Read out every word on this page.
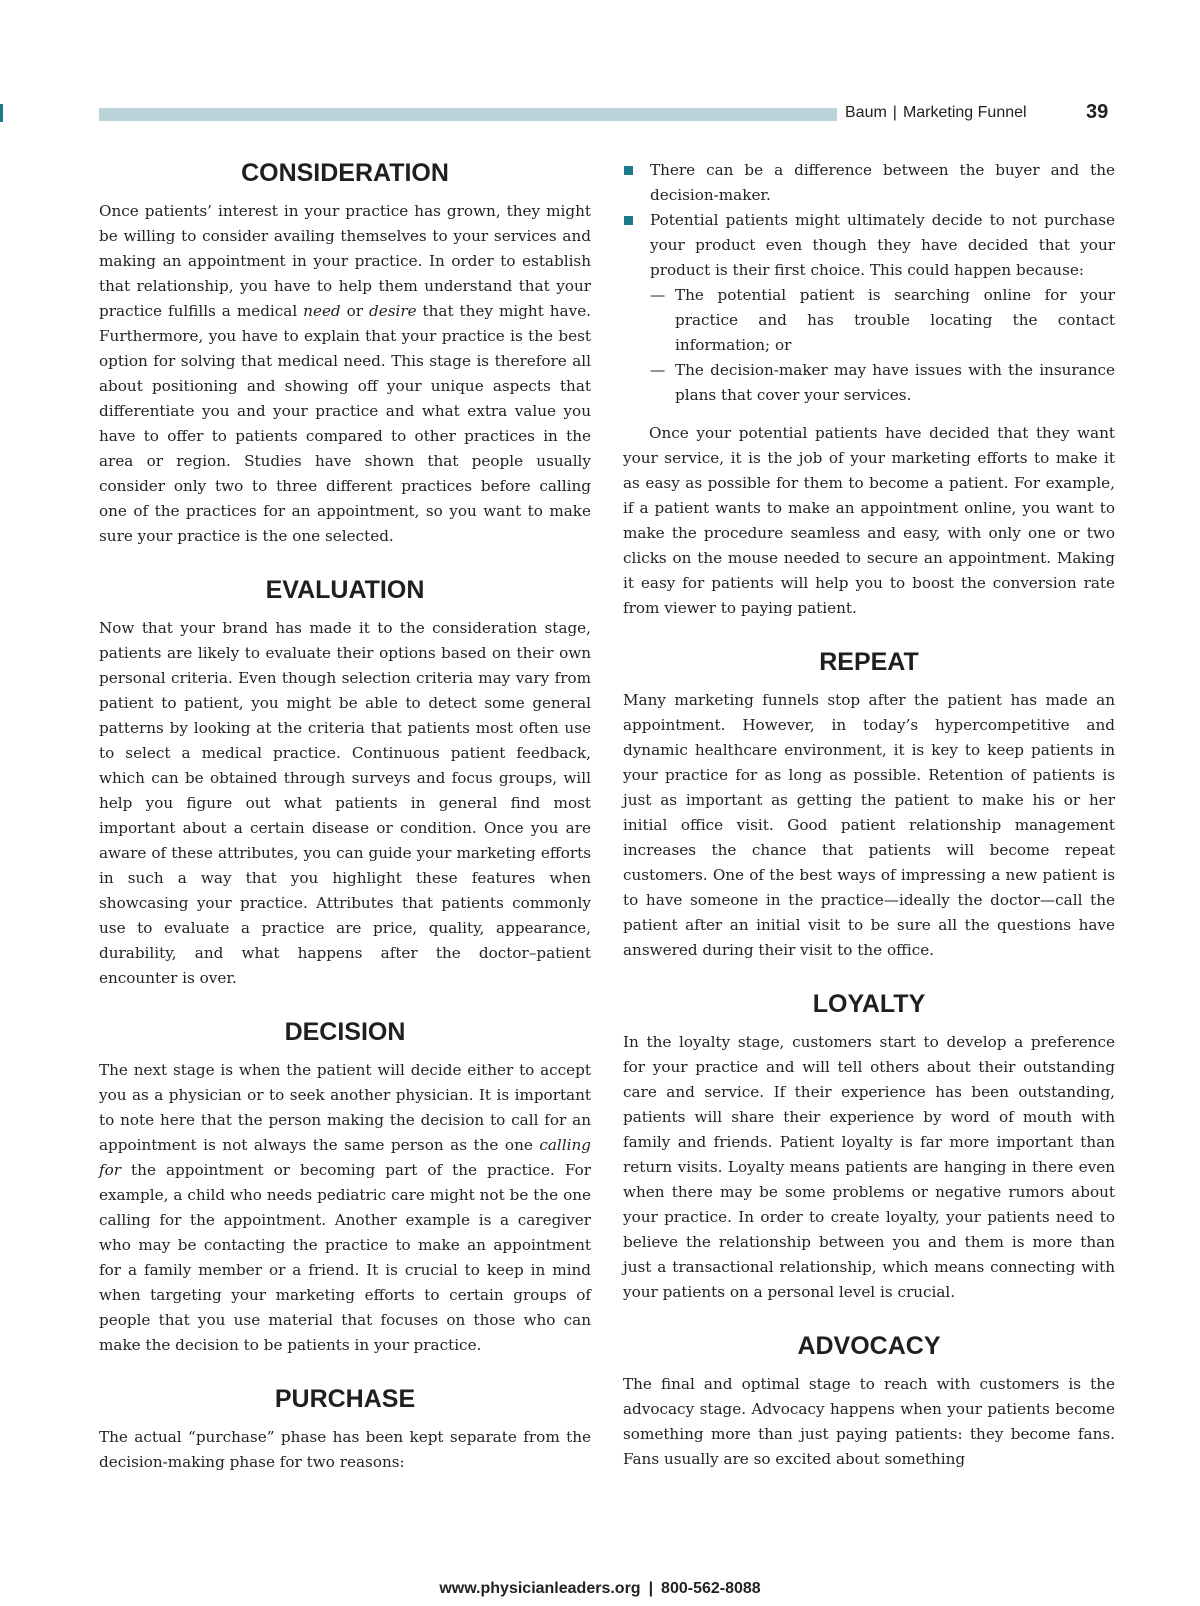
Baum | Marketing Funnel	39
CONSIDERATION

Once patients’ interest in your practice has grown, they might be willing to consider availing themselves to your services and making an appointment in your practice. In order to establish that relationship, you have to help them understand that your practice fulfills a medical need or desire that they might have. Furthermore, you have to explain that your practice is the best option for solving that medical need. This stage is therefore all about positioning and showing off your unique aspects that differentiate you and your practice and what extra value you have to offer to patients compared to other practices in the area or region. Studies have shown that people usually consider only two to three different practices before calling one of the practices for an appointment, so you want to make sure your practice is the one selected.

EVALUATION

Now that your brand has made it to the consideration stage, patients are likely to evaluate their options based on their own personal criteria. Even though selection criteria may vary from patient to patient, you might be able to detect some general patterns by looking at the criteria that patients most often use to select a medical practice. Continuous patient feedback, which can be obtained through surveys and focus groups, will help you figure out what patients in general find most important about a certain disease or condition. Once you are aware of these attributes, you can guide your marketing efforts in such a way that you highlight these features when showcasing your practice. Attributes that patients commonly use to evaluate a practice are price, quality, appearance, durability, and what happens after the doctor–patient encounter is over.

DECISION

The next stage is when the patient will decide either to accept you as a physician or to seek another physician. It is important to note here that the person making the decision to call for an appointment is not always the same person as the one calling for the appointment or becoming part of the practice. For example, a child who needs pediatric care might not be the one calling for the appointment. Another example is a caregiver who may be contacting the practice to make an appointment for a family member or a friend. It is crucial to keep in mind when targeting your marketing efforts to certain groups of people that you use material that focuses on those who can make the decision to be patients in your practice.

PURCHASE

The actual “purchase” phase has been kept separate from the decision-making phase for two reasons:

There can be a difference between the buyer and the decision-maker.
Potential patients might ultimately decide to not purchase your product even though they have decided that your product is their first choice. This could happen because:
— The potential patient is searching online for your practice and has trouble locating the contact information; or
— The decision-maker may have issues with the insurance plans that cover your services.

Once your potential patients have decided that they want your service, it is the job of your marketing efforts to make it as easy as possible for them to become a patient. For example, if a patient wants to make an appointment online, you want to make the procedure seamless and easy, with only one or two clicks on the mouse needed to secure an appointment. Making it easy for patients will help you to boost the conversion rate from viewer to paying patient.

REPEAT

Many marketing funnels stop after the patient has made an appointment. However, in today’s hypercompetitive and dynamic healthcare environment, it is key to keep patients in your practice for as long as possible. Retention of patients is just as important as getting the patient to make his or her initial office visit. Good patient relationship management increases the chance that patients will become repeat customers. One of the best ways of impressing a new patient is to have someone in the practice—ideally the doctor—call the patient after an initial visit to be sure all the questions have answered during their visit to the office.

LOYALTY

In the loyalty stage, customers start to develop a preference for your practice and will tell others about their outstanding care and service. If their experience has been outstanding, patients will share their experience by word of mouth with family and friends. Patient loyalty is far more important than return visits. Loyalty means patients are hanging in there even when there may be some problems or negative rumors about your practice. In order to create loyalty, your patients need to believe the relationship between you and them is more than just a transactional relationship, which means connecting with your patients on a personal level is crucial.

ADVOCACY

The final and optimal stage to reach with customers is the advocacy stage. Advocacy happens when your patients become something more than just paying patients: they become fans. Fans usually are so excited about something

www.physicianleaders.org | 800-562-8088
